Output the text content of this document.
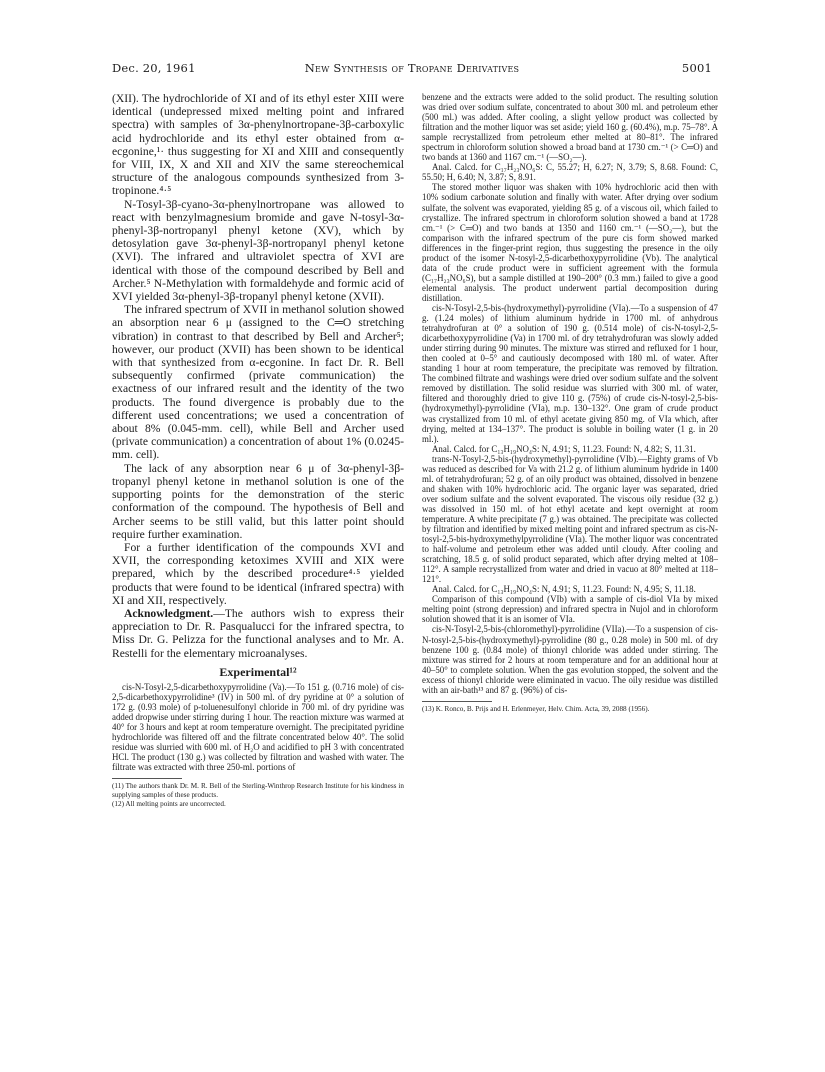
Dec. 20, 1961	New Synthesis of Tropane Derivatives	5001

(XII). The hydrochloride of XI and of its ethyl ester XIII were identical (undepressed mixed melting point and infrared spectra) with samples of 3α-phenylnortropane-3β-carboxylic acid hydrochloride and its ethyl ester obtained from α-ecgonine,¹· thus suggesting for XI and XIII and consequently for VIII, IX, X and XII and XIV the same stereochemical structure of the analogous compounds synthesized from 3-tropinone.⁴·⁵

N-Tosyl-3β-cyano-3α-phenylnortropane was allowed to react with benzylmagnesium bromide and gave N-tosyl-3α-phenyl-3β-nortropanyl phenyl ketone (XV), which by detosylation gave 3α-phenyl-3β-nortropanyl phenyl ketone (XVI). The infrared and ultraviolet spectra of XVI are identical with those of the compound described by Bell and Archer.⁵ N-Methylation with formaldehyde and formic acid of XVI yielded 3α-phenyl-3β-tropanyl phenyl ketone (XVII).

The infrared spectrum of XVII in methanol solution showed an absorption near 6 μ (assigned to the C═O stretching vibration) in contrast to that described by Bell and Archer⁵; however, our product (XVII) has been shown to be identical with that synthesized from α-ecgonine. In fact Dr. R. Bell subsequently confirmed (private communication) the exactness of our infrared result and the identity of the two products. The found divergence is probably due to the different used concentrations; we used a concentration of about 8% (0.045-mm. cell), while Bell and Archer used (private communication) a concentration of about 1% (0.0245-mm. cell).

The lack of any absorption near 6 μ of 3α-phenyl-3β-tropanyl phenyl ketone in methanol solution is one of the supporting points for the demonstration of the steric conformation of the compound. The hypothesis of Bell and Archer seems to be still valid, but this latter point should require further examination.

For a further identification of the compounds XVI and XVII, the corresponding ketoximes XVIII and XIX were prepared, which by the described procedure⁴·⁵ yielded products that were found to be identical (infrared spectra) with XI and XII, respectively.

Acknowledgment.—The authors wish to express their appreciation to Dr. R. Pasqualucci for the infrared spectra, to Miss Dr. G. Pelizza for the functional analyses and to Mr. A. Restelli for the elementary microanalyses.

Experimental¹²

cis-N-Tosyl-2,5-dicarbethoxypyrrolidine (Va).—To 151 g. (0.716 mole) of cis-2,5-dicarbethoxypyrrolidine³ (IV) in 500 ml. of dry pyridine at 0° a solution of 172 g. (0.93 mole) of p-toluenesulfonyl chloride in 700 ml. of dry pyridine was added dropwise under stirring during 1 hour. The reaction mixture was warmed at 40° for 3 hours and kept at room temperature overnight. The precipitated pyridine hydrochloride was filtered off and the filtrate concentrated below 40°. The solid residue was slurried with 600 ml. of H₂O and acidified to pH 3 with concentrated HCl. The product (130 g.) was collected by filtration and washed with water. The filtrate was extracted with three 250-ml. portions of

(11) The authors thank Dr. M. R. Bell of the Sterling-Winthrop Research Institute for his kindness in supplying samples of these products.

(12) All melting points are uncorrected.

benzene and the extracts were added to the solid product. The resulting solution was dried over sodium sulfate, concentrated to about 300 ml. and petroleum ether (500 ml.) was added. After cooling, a slight yellow product was collected by filtration and the mother liquor was set aside; yield 160 g. (60.4%), m.p. 75–78°. A sample recrystallized from petroleum ether melted at 80–81°. The infrared spectrum in chloroform solution showed a broad band at 1730 cm.⁻¹ (> C═O) and two bands at 1360 and 1167 cm.⁻¹ (—SO₂—).

Anal. Calcd. for C₁₇H₂₃NO₆S: C, 55.27; H, 6.27; N, 3.79; S, 8.68. Found: C, 55.50; H, 6.40; N, 3.87; S, 8.91.

The stored mother liquor was shaken with 10% hydrochloric acid then with 10% sodium carbonate solution and finally with water. After drying over sodium sulfate, the solvent was evaporated, yielding 85 g. of a viscous oil, which failed to crystallize. The infrared spectrum in chloroform solution showed a band at 1728 cm.⁻¹ (> C═O) and two bands at 1350 and 1160 cm.⁻¹ (—SO₂—), but the comparison with the infrared spectrum of the pure cis form showed marked differences in the finger-print region, thus suggesting the presence in the oily product of the isomer N-tosyl-2,5-dicarbethoxypyrrolidine (Vb). The analytical data of the crude product were in sufficient agreement with the formula (C₁₇H₂₃NO₆S), but a sample distilled at 190–200° (0.3 mm.) failed to give a good elemental analysis. The product underwent partial decomposition during distillation.

cis-N-Tosyl-2,5-bis-(hydroxymethyl)-pyrrolidine (VIa).—To a suspension of 47 g. (1.24 moles) of lithium aluminum hydride in 1700 ml. of anhydrous tetrahydrofuran at 0° a solution of 190 g. (0.514 mole) of cis-N-tosyl-2,5-dicarbethoxypyrrolidine (Va) in 1700 ml. of dry tetrahydrofuran was slowly added under stirring during 90 minutes. The mixture was stirred and refluxed for 1 hour, then cooled at 0–5° and cautiously decomposed with 180 ml. of water. After standing 1 hour at room temperature, the precipitate was removed by filtration. The combined filtrate and washings were dried over sodium sulfate and the solvent removed by distillation. The solid residue was slurried with 300 ml. of water, filtered and thoroughly dried to give 110 g. (75%) of crude cis-N-tosyl-2,5-bis-(hydroxymethyl)-pyrrolidine (VIa), m.p. 130–132°. One gram of crude product was crystallized from 10 ml. of ethyl acetate giving 850 mg. of VIa which, after drying, melted at 134–137°. The product is soluble in boiling water (1 g. in 20 ml.).

Anal. Calcd. for C₁₃H₁₉NO₄S: N, 4.91; S, 11.23. Found: N, 4.82; S, 11.31.

trans-N-Tosyl-2,5-bis-(hydroxymethyl)-pyrrolidine (VIb).—Eighty grams of Vb was reduced as described for Va with 21.2 g. of lithium aluminum hydride in 1400 ml. of tetrahydrofuran; 52 g. of an oily product was obtained, dissolved in benzene and shaken with 10% hydrochloric acid. The organic layer was separated, dried over sodium sulfate and the solvent evaporated. The viscous oily residue (32 g.) was dissolved in 150 ml. of hot ethyl acetate and kept overnight at room temperature. A white precipitate (7 g.) was obtained. The precipitate was collected by filtration and identified by mixed melting point and infrared spectrum as cis-N-tosyl-2,5-bis-hydroxymethylpyrrolidine (VIa). The mother liquor was concentrated to half-volume and petroleum ether was added until cloudy. After cooling and scratching, 18.5 g. of solid product separated, which after drying melted at 108–112°. A sample recrystallized from water and dried in vacuo at 80° melted at 118–121°.

Anal. Calcd. for C₁₃H₁₉NO₄S: N, 4.91; S, 11.23. Found: N, 4.95; S, 11.18.

Comparison of this compound (VIb) with a sample of cis-diol VIa by mixed melting point (strong depression) and infrared spectra in Nujol and in chloroform solution showed that it is an isomer of VIa.

cis-N-Tosyl-2,5-bis-(chloromethyl)-pyrrolidine (VIIa).—To a suspension of cis-N-tosyl-2,5-bis-(hydroxymethyl)-pyrrolidine (80 g., 0.28 mole) in 500 ml. of dry benzene 100 g. (0.84 mole) of thionyl chloride was added under stirring. The mixture was stirred for 2 hours at room temperature and for an additional hour at 40–50° to complete solution. When the gas evolution stopped, the solvent and the excess of thionyl chloride were eliminated in vacuo. The oily residue was distilled with an air-bath¹³ and 87 g. (96%) of cis-

(13) K. Ronco, B. Prijs and H. Erlenmeyer, Helv. Chim. Acta, 39, 2088 (1956).
